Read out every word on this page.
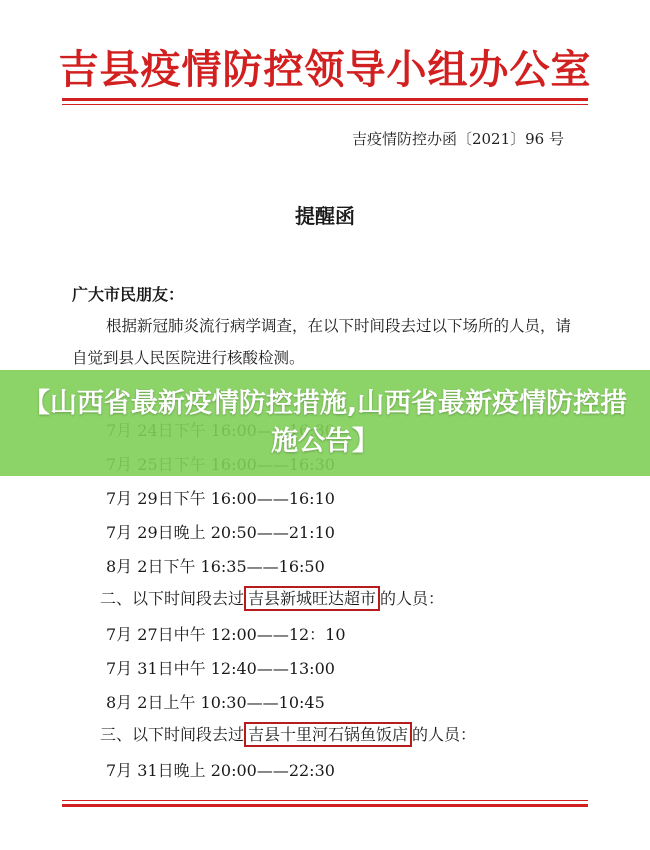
吉县疫情防控领导小组办公室
吉疫情防控办函〔2021〕96 号
提醒函
广大市民朋友：
根据新冠肺炎流行病学调查，在以下时间段去过以下场所的人员，请自觉到县人民医院进行核酸检测。
7月 29日下午 16:00——16:10
7月 29日晚上 20:50——21:10
8月 2日下午 16:35——16:50
二、以下时间段去过 吉县新城旺达超市 的人员：
7月 27日中午 12:00——12：10
7月 31日中午 12:40——13:00
8月 2日上午 10:30——10:45
三、以下时间段去过 吉县十里河石锅鱼饭店 的人员：
7月 31日晚上 20:00——22:30
【山西省最新疫情防控措施,山西省最新疫情防控措施公告】
